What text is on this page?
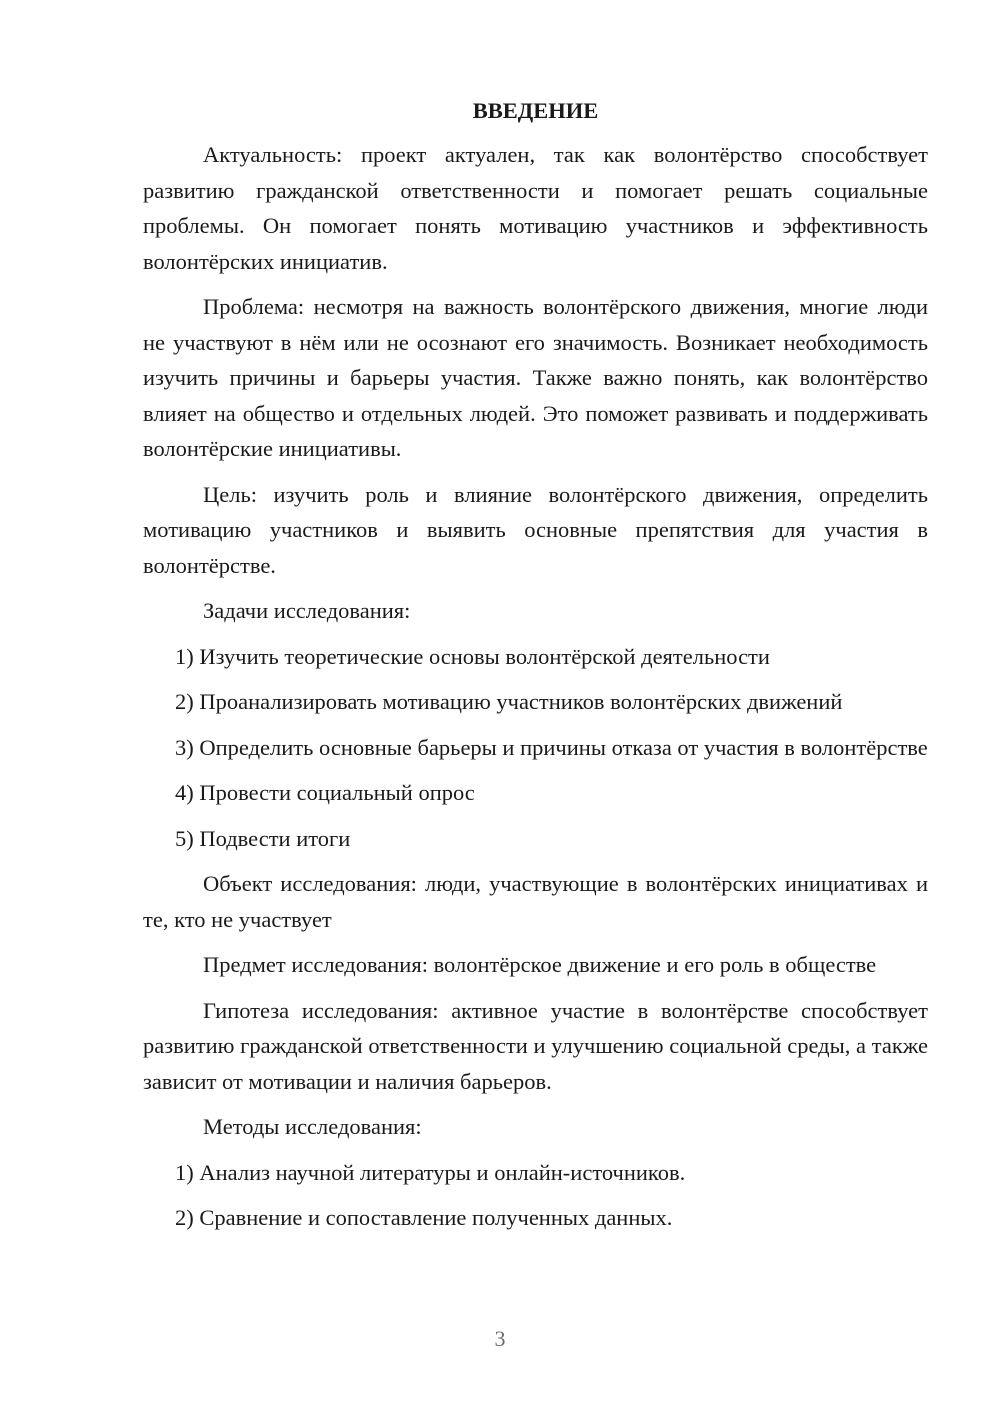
ВВЕДЕНИЕ

Актуальность: проект актуален, так как волонтёрство способствует развитию гражданской ответственности и помогает решать социальные проблемы. Он помогает понять мотивацию участников и эффективность волонтёрских инициатив.

Проблема: несмотря на важность волонтёрского движения, многие люди не участвуют в нём или не осознают его значимость. Возникает необходимость изучить причины и барьеры участия. Также важно понять, как волонтёрство влияет на общество и отдельных людей. Это поможет развивать и поддерживать волонтёрские инициативы.

Цель: изучить роль и влияние волонтёрского движения, определить мотивацию участников и выявить основные препятствия для участия в волонтёрстве.

Задачи исследования:

1) Изучить теоретические основы волонтёрской деятельности

2) Проанализировать мотивацию участников волонтёрских движений

3) Определить основные барьеры и причины отказа от участия в волонтёрстве

4) Провести социальный опрос

5) Подвести итоги

Объект исследования: люди, участвующие в волонтёрских инициативах и те, кто не участвует

Предмет исследования: волонтёрское движение и его роль в обществе

Гипотеза исследования: активное участие в волонтёрстве способствует развитию гражданской ответственности и улучшению социальной среды, а также зависит от мотивации и наличия барьеров.

Методы исследования:

1) Анализ научной литературы и онлайн-источников.

2) Сравнение и сопоставление полученных данных.

3
